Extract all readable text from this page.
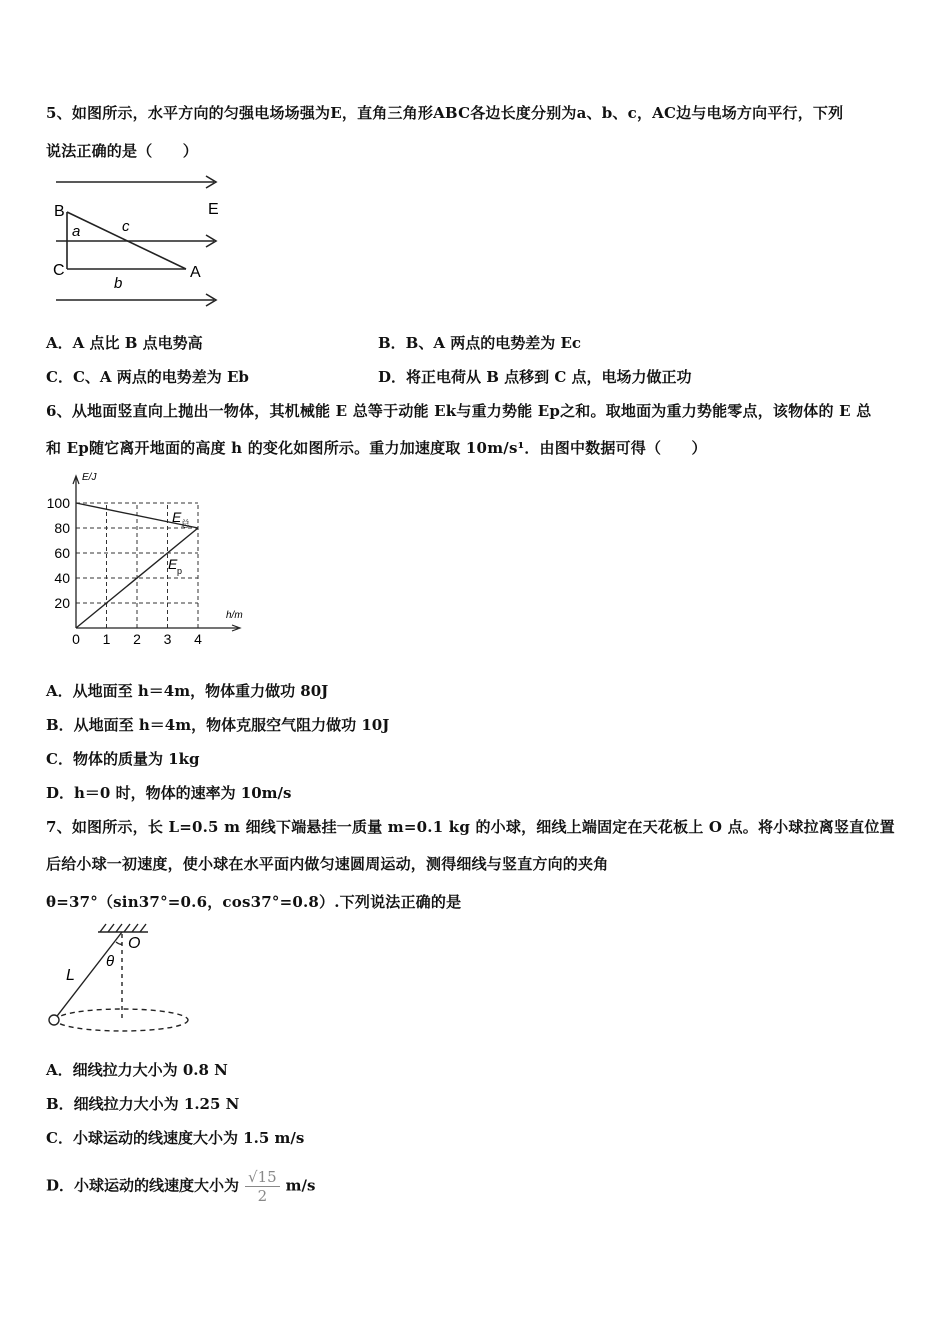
5、如图所示，水平方向的匀强电场场强为E，直角三角形ABC各边长度分别为a、b、c，AC边与电场方向平行，下列
说法正确的是（　　）
B	E
a	c
C	A
b
A．A 点比 B 点电势高	B．B、A 两点的电势差为 Ec
C．C、A 两点的电势差为 Eb	D．将正电荷从 B 点移到 C 点，电场力做正功
6、从地面竖直向上抛出一物体，其机械能 E 总等于动能 Ek与重力势能 Ep之和。取地面为重力势能零点，该物体的 E 总
和 Ep随它离开地面的高度 h 的变化如图所示。重力加速度取 10m/s¹．由图中数据可得（　　）
E/J
h/m
20
40
60
80
100
0 1 2 3 4
E 总
E p
A．从地面至 h＝4m，物体重力做功 80J
B．从地面至 h＝4m，物体克服空气阻力做功 10J
C．物体的质量为 1kg
D．h＝0 时，物体的速率为 10m/s
7、如图所示，长 L=0.5 m 细线下端悬挂一质量 m=0.1 kg 的小球，细线上端固定在天花板上 O 点。将小球拉离竖直位置
后给小球一初速度，使小球在水平面内做匀速圆周运动，测得细线与竖直方向的夹角
θ=37°（sin37°=0.6，cos37°=0.8）.下列说法正确的是
O
θ
L
A．细线拉力大小为 0.8 N
B．细线拉力大小为 1.25 N
C．小球运动的线速度大小为 1.5 m/s
D．小球运动的线速度大小为 $\frac{√15}{2} m/s$
